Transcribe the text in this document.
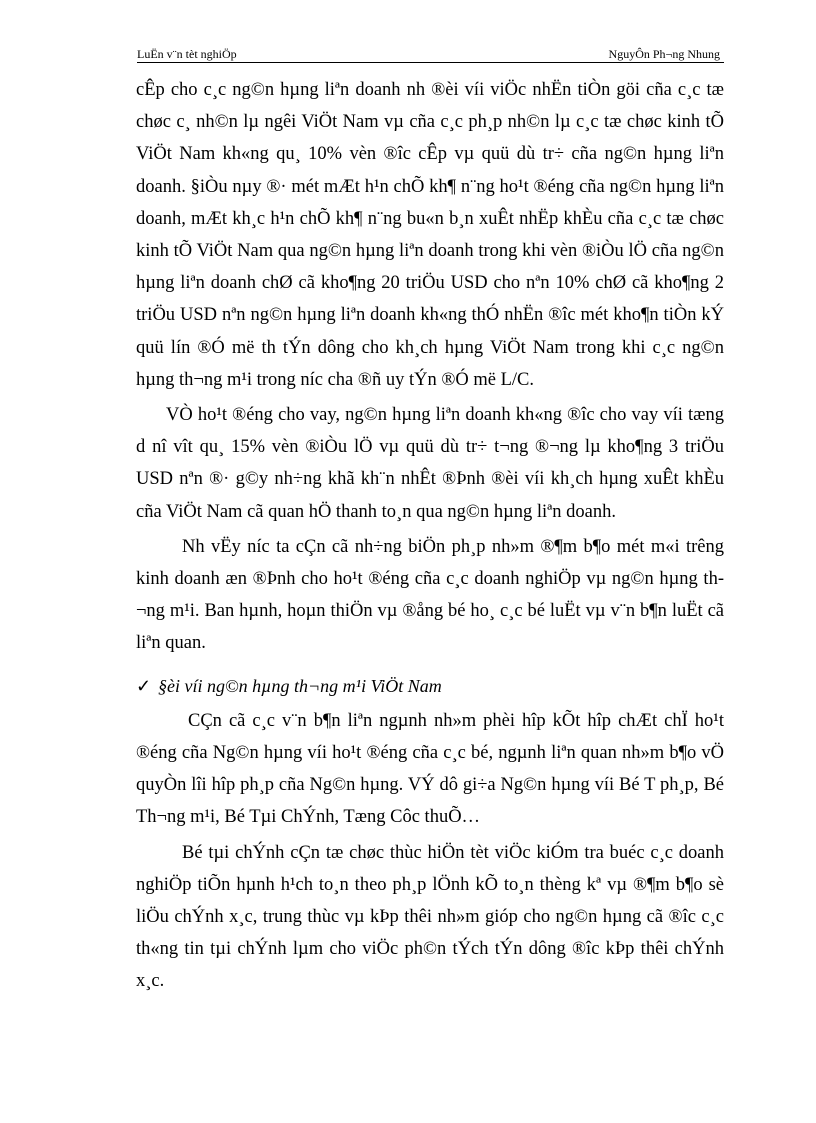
LuËn v¨n tèt nghiÖp	NguyÔn Ph¬ng Nhung

cÊp cho c¸c ng©n hµng liªn doanh nh ®èi víi viÖc nhËn tiÒn göi cña c¸c tæ chøc c¸ nh©n lµ ngêi ViÖt Nam vµ cña c¸c ph¸p nh©n lµ c¸c tæ chøc kinh tÕ ViÖt Nam kh«ng qu¸ 10% vèn ®îc cÊp vµ quü dù tr÷ cña ng©n hµng liªn doanh. §iÒu nµy ®· mét mÆt h¹n chÕ kh¶ n¨ng ho¹t ®éng cña ng©n hµng liªn doanh, mÆt kh¸c h¹n chÕ kh¶ n¨ng bu«n b¸n xuÊt nhËp khÈu cña c¸c tæ chøc kinh tÕ ViÖt Nam qua ng©n hµng liªn doanh trong khi vèn ®iÒu lÖ cña ng©n hµng liªn doanh chØ cã kho¶ng 20 triÖu USD cho nªn 10% chØ cã kho¶ng 2 triÖu USD nªn ng©n hµng liªn doanh kh«ng thÓ nhËn ®îc mét kho¶n tiÒn kÝ quü lín ®Ó më th tÝn dông cho kh¸ch hµng ViÖt Nam trong khi c¸c ng©n hµng th¬ng m¹i trong níc cha ®ñ uy tÝn ®Ó më L/C.

VÒ ho¹t ®éng cho vay, ng©n hµng liªn doanh kh«ng ®îc cho vay víi tæng d nî vît qu¸ 15% vèn ®iÒu lÖ vµ quü dù tr÷ t¬ng ®¬ng lµ kho¶ng 3 triÖu USD nªn ®· g©y nh÷ng khã kh¨n nhÊt ®Þnh ®èi víi kh¸ch hµng xuÊt khÈu cña ViÖt Nam cã quan hÖ thanh to¸n qua ng©n hµng liªn doanh.

Nh vËy níc ta cÇn cã nh÷ng biÖn ph¸p nh»m ®¶m b¶o mét m«i trêng kinh doanh æn ®Þnh cho ho¹t ®éng cña c¸c doanh nghiÖp vµ ng©n hµng th¬ng m¹i. Ban hµnh, hoµn thiÖn vµ ®ång bé ho¸ c¸c bé luËt vµ v¨n b¶n luËt cã liªn quan.

✓ §èi víi ng©n hµng th¬ng m¹i ViÖt Nam

CÇn cã c¸c v¨n b¶n liªn ngµnh nh»m phèi hîp kÕt hîp chÆt chÏ ho¹t ®éng cña Ng©n hµng víi ho¹t ®éng cña c¸c bé, ngµnh liªn quan nh»m b¶o vÖ quyÒn lîi hîp ph¸p cña Ng©n hµng. VÝ dô gi÷a Ng©n hµng víi Bé T ph¸p, Bé Th¬ng m¹i, Bé Tµi ChÝnh, Tæng Côc thuÕ…

Bé tµi chÝnh cÇn tæ chøc thùc hiÖn tèt viÖc kiÓm tra buéc c¸c doanh nghiÖp tiÕn hµnh h¹ch to¸n theo ph¸p lÖnh kÕ to¸n thèng kª vµ ®¶m b¶o sè liÖu chÝnh x¸c, trung thùc vµ kÞp thêi nh»m gióp cho ng©n hµng cã ®îc c¸c th«ng tin tµi chÝnh lµm cho viÖc ph©n tÝch tÝn dông ®îc kÞp thêi chÝnh x¸c.
